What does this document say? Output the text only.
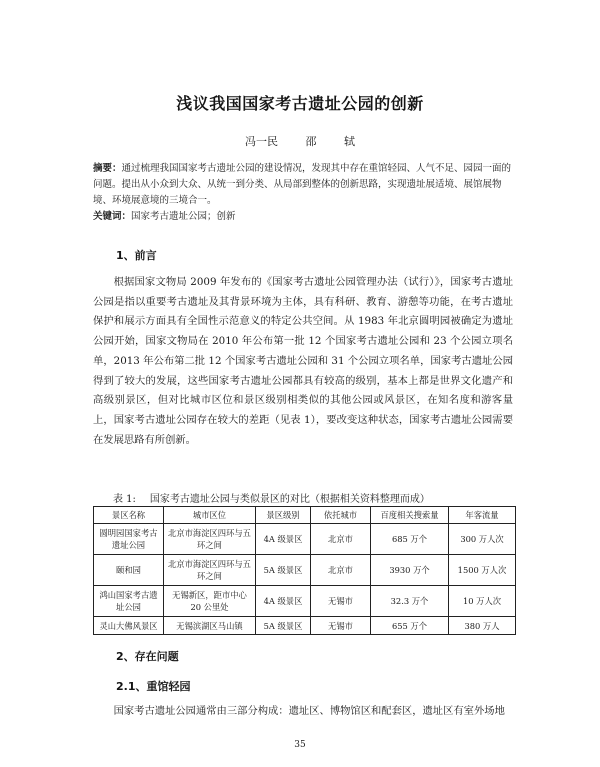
浅议我国国家考古遗址公园的创新
冯一民 邵 轼
摘要：通过梳理我国国家考古遗址公园的建设情况，发现其中存在重馆轻园、人气不足、园园一面的问题。提出从小众到大众、从统一到分类、从局部到整体的创新思路，实现遗址展适境、展馆展物境、环境展意境的三境合一。
关键词：国家考古遗址公园；创新
1、前言
根据国家文物局 2009 年发布的《国家考古遗址公园管理办法（试行）》，国家考古遗址公园是指以重要考古遗址及其背景环境为主体，具有科研、教育、游憩等功能，在考古遗址保护和展示方面具有全国性示范意义的特定公共空间。从 1983 年北京圆明园被确定为遗址公园开始，国家文物局在 2010 年公布第一批 12 个国家考古遗址公园和 23 个公园立项名单，2013 年公布第二批 12 个国家考古遗址公园和 31 个公园立项名单，国家考古遗址公园得到了较大的发展，这些国家考古遗址公园都具有较高的级别，基本上都是世界文化遗产和高级别景区，但对比城市区位和景区级别相类似的其他公园或风景区，在知名度和游客量上，国家考古遗址公园存在较大的差距（见表 1），要改变这种状态，国家考古遗址公园需要在发展思路有所创新。
表 1: 国家考古遗址公园与类似景区的对比（根据相关资料整理而成）
景区名称	城市区位	景区级别	依托城市	百度相关搜索量	年客流量
圆明园国家考古遗址公园	北京市海淀区四环与五环之间	4A 级景区	北京市	685 万个	300 万人次
颐和园	北京市海淀区四环与五环之间	5A 级景区	北京市	3930 万个	1500 万人次
鸿山国家考古遗址公园	无锡新区，距市中心 20 公里处	4A 级景区	无锡市	32.3 万个	10 万人次
灵山大佛风景区	无锡滨湖区马山镇	5A 级景区	无锡市	655 万个	380 万人
2、存在问题
2.1、重馆轻园
国家考古遗址公园通常由三部分构成：遗址区、博物馆区和配套区，遗址区有室外场地
35
